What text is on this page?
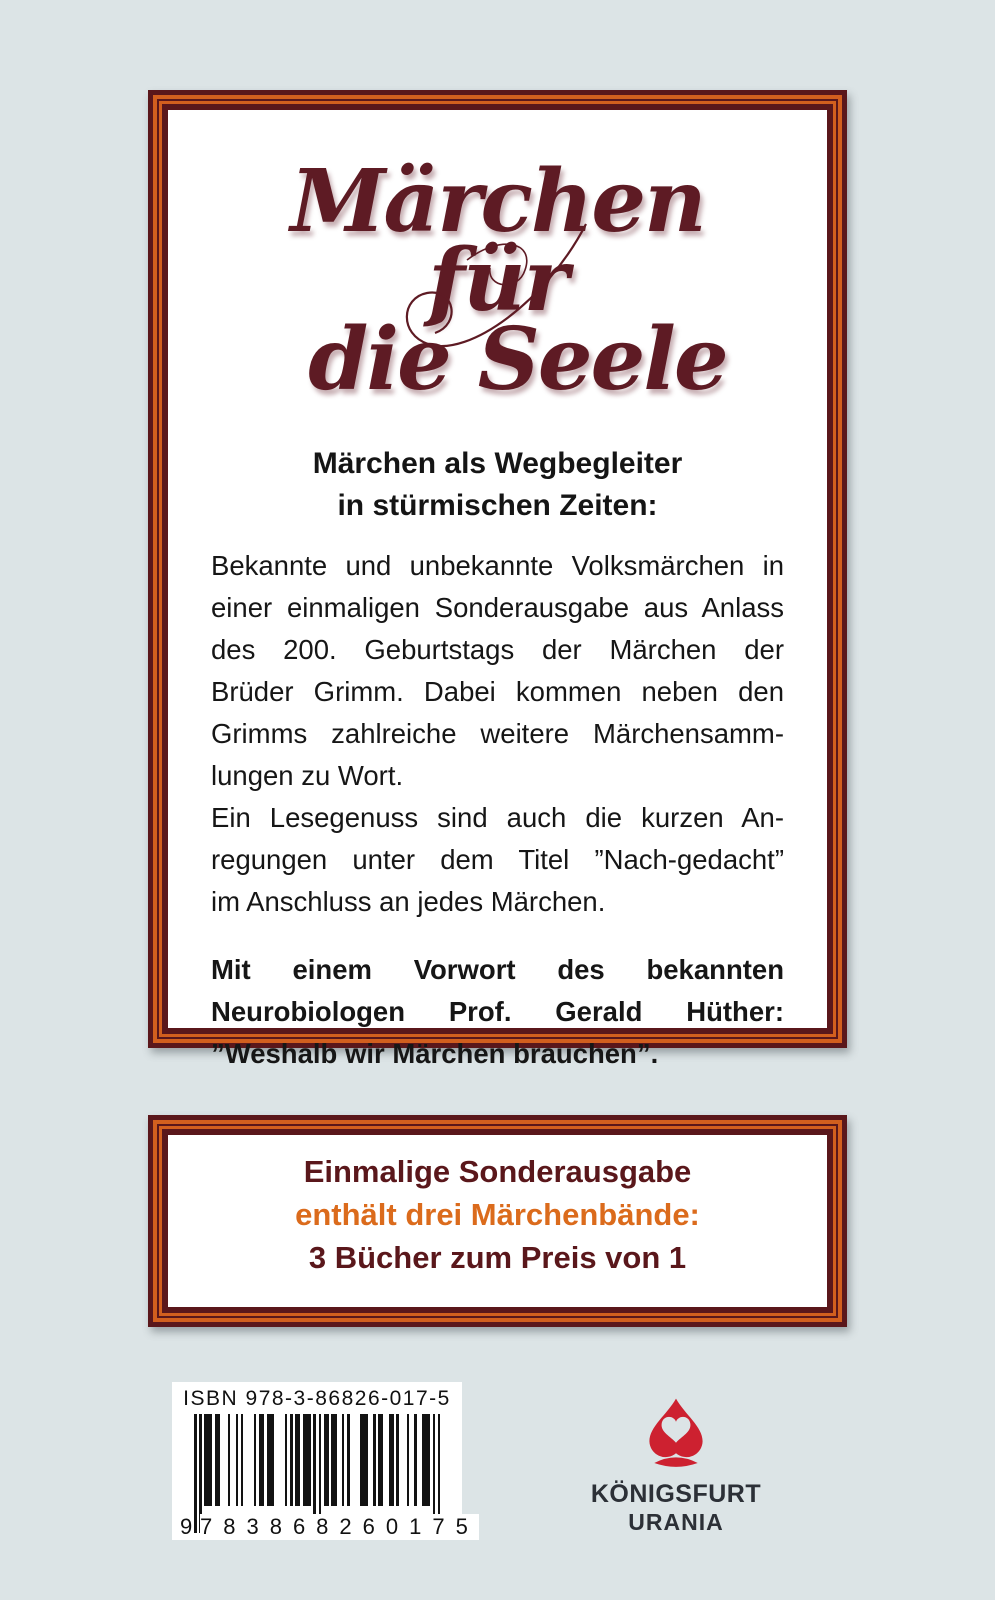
Märchen für
die Seele
Märchen als Wegbegleiter
in stürmischen Zeiten:
Bekannte und unbekannte Volksmärchen in
einer einmaligen Sonderausgabe aus Anlass
des 200. Geburtstags der Märchen der
Brüder Grimm. Dabei kommen neben den
Grimms zahlreiche weitere Märchensamm-
lungen zu Wort.
Ein Lesegenuss sind auch die kurzen An-
regungen unter dem Titel ”Nach-gedacht”
im Anschluss an jedes Märchen.
Mit einem Vorwort des bekannten
Neurobiologen Prof. Gerald Hüther:
”Weshalb wir Märchen brauchen”.
Einmalige Sonderausgabe
enthält drei Märchenbände:
3 Bücher zum Preis von 1
ISBN 978-3-86826-017-5
9 783868 260175
KÖNIGSFURT
URANIA
